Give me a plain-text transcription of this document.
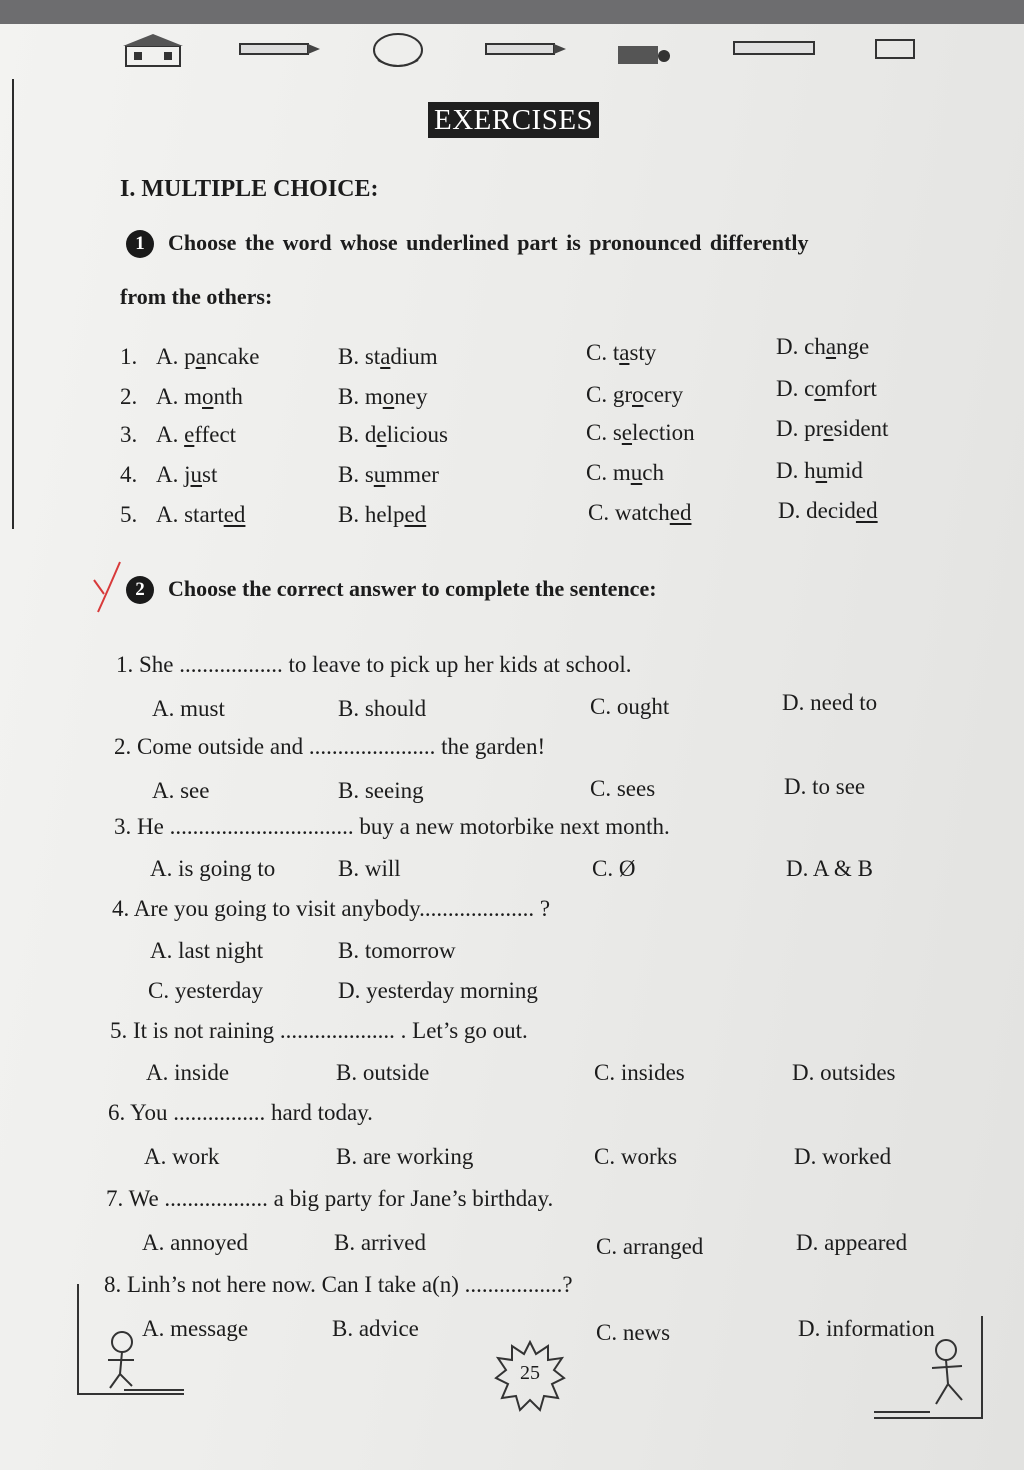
EXERCISES
I. MULTIPLE CHOICE:
1	Choose the word whose underlined part is pronounced differently
from the others:
1. A. pancake	B. stadium	C. tasty	D. change
2. A. month	B. money	C. grocery	D. comfort
3. A. effect	B. delicious	C. selection	D. president
4. A. just	B. summer	C. much	D. humid
5. A. started	B. helped	C. watched	D. decided
2	Choose the correct answer to complete the sentence:
1. She .................. to leave to pick up her kids at school.
A. must	B. should	C. ought	D. need to
2. Come outside and ...................... the garden!
A. see	B. seeing	C. sees	D. to see
3. He ................................ buy a new motorbike next month.
A. is going to	B. will	C. Ø	D. A & B
4. Are you going to visit anybody.................... ?
A. last night	B. tomorrow
C. yesterday	D. yesterday morning
5. It is not raining .................... . Let’s go out.
A. inside	B. outside	C. insides	D. outsides
6. You ................ hard today.
A. work	B. are working	C. works	D. worked
7. We .................. a big party for Jane’s birthday.
A. annoyed	B. arrived	C. arranged	D. appeared
8. Linh’s not here now. Can I take a(n) .................?
A. message	B. advice	C. news	D. information
25
